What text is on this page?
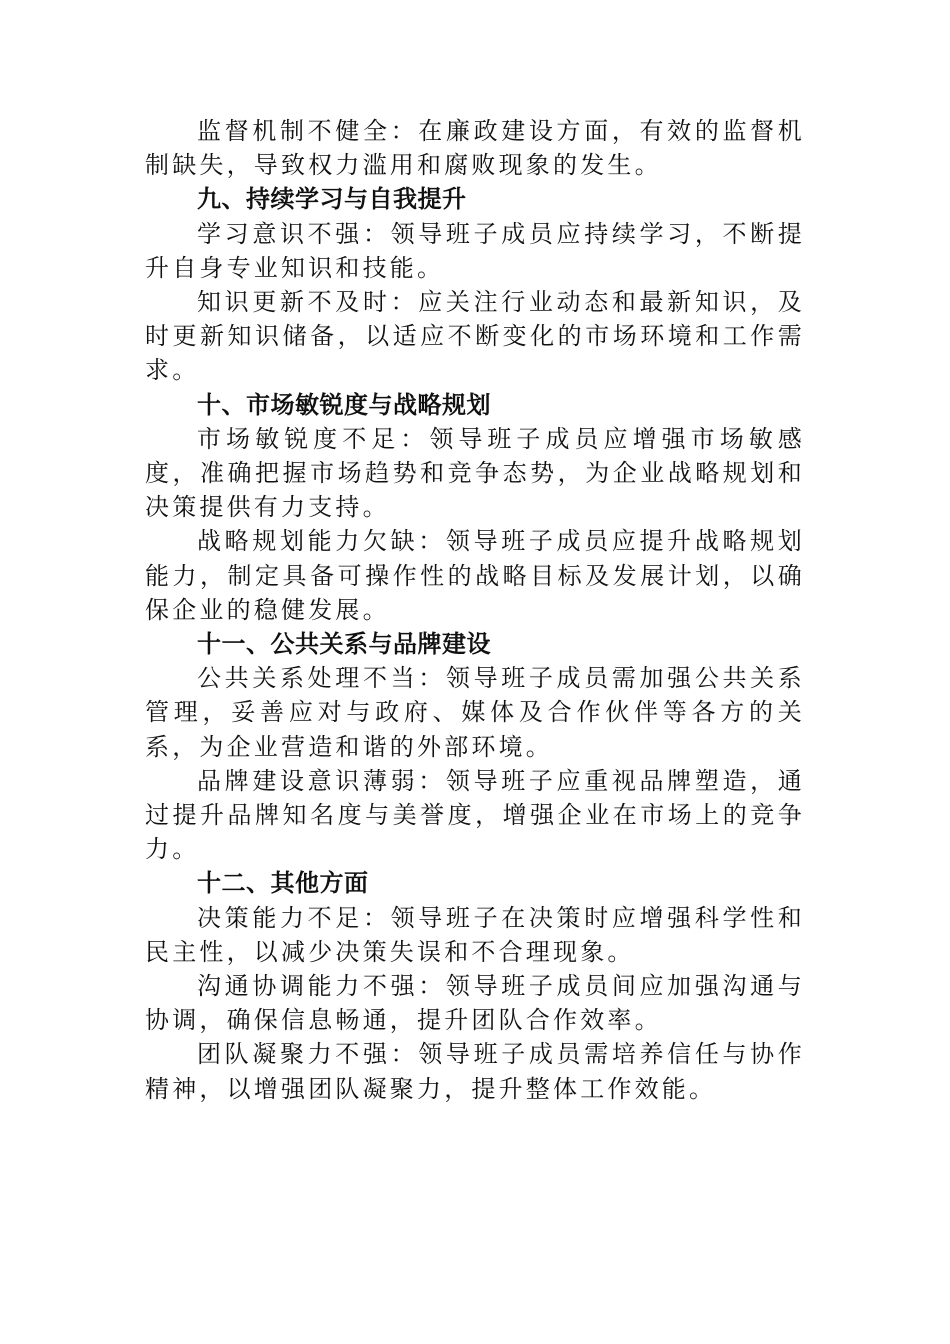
监督机制不健全：在廉政建设方面，有效的监督机制缺失，导致权力滥用和腐败现象的发生。

九、持续学习与自我提升

学习意识不强：领导班子成员应持续学习，不断提升自身专业知识和技能。

知识更新不及时：应关注行业动态和最新知识，及时更新知识储备，以适应不断变化的市场环境和工作需求。

十、市场敏锐度与战略规划

市场敏锐度不足：领导班子成员应增强市场敏感度，准确把握市场趋势和竞争态势，为企业战略规划和决策提供有力支持。

战略规划能力欠缺：领导班子成员应提升战略规划能力，制定具备可操作性的战略目标及发展计划，以确保企业的稳健发展。

十一、公共关系与品牌建设

公共关系处理不当：领导班子成员需加强公共关系管理，妥善应对与政府、媒体及合作伙伴等各方的关系，为企业营造和谐的外部环境。

品牌建设意识薄弱：领导班子应重视品牌塑造，通过提升品牌知名度与美誉度，增强企业在市场上的竞争力。

十二、其他方面

决策能力不足：领导班子在决策时应增强科学性和民主性，以减少决策失误和不合理现象。

沟通协调能力不强：领导班子成员间应加强沟通与协调，确保信息畅通，提升团队合作效率。

团队凝聚力不强：领导班子成员需培养信任与协作精神，以增强团队凝聚力，提升整体工作效能。
